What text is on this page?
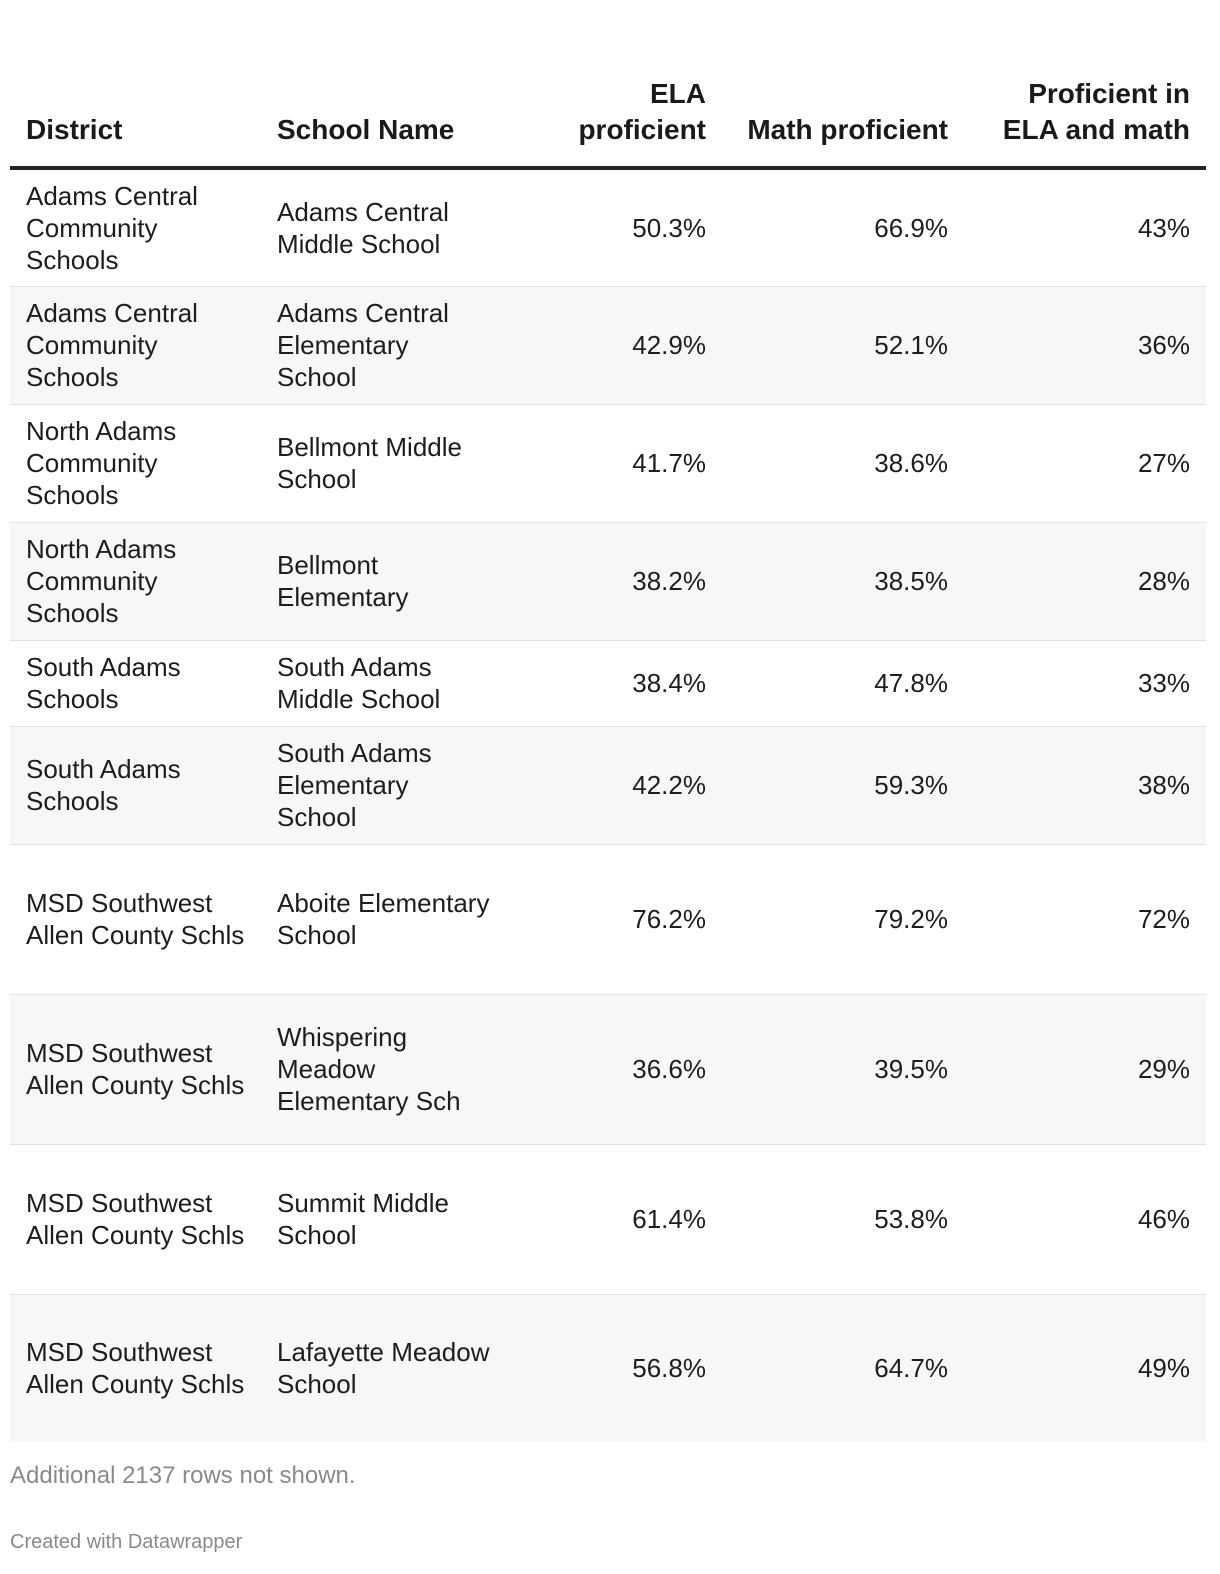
District	School Name	ELA proficient	Math proficient	Proficient in ELA and math
Adams Central Community Schools	Adams Central Middle School	50.3%	66.9%	43%
Adams Central Community Schools	Adams Central Elementary School	42.9%	52.1%	36%
North Adams Community Schools	Bellmont Middle School	41.7%	38.6%	27%
North Adams Community Schools	Bellmont Elementary	38.2%	38.5%	28%
South Adams Schools	South Adams Middle School	38.4%	47.8%	33%
South Adams Schools	South Adams Elementary School	42.2%	59.3%	38%
MSD Southwest Allen County Schls	Aboite Elementary School	76.2%	79.2%	72%
MSD Southwest Allen County Schls	Whispering Meadow Elementary Sch	36.6%	39.5%	29%
MSD Southwest Allen County Schls	Summit Middle School	61.4%	53.8%	46%
MSD Southwest Allen County Schls	Lafayette Meadow School	56.8%	64.7%	49%
Additional 2137 rows not shown.
Created with Datawrapper
